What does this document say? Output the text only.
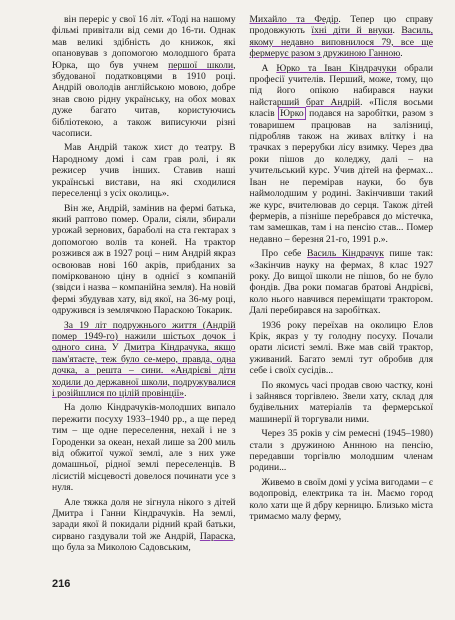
він переріс у свої 16 літ. «Тоді на нашому фільмі привітали від семи до 16-ти. Однак мав великі здібність до книжок, які опановував з допомогою молодшого брата Юрка, що був учнем першої школи, збудованої податковцями в 1910 році. Андрій оволодів англійською мовою, добре знав свою рідну українську, на обох мовах дуже багато читав, користуючись бібліотекою, а також виписуючи різні часописи.

Мав Андрій також хист до театру. В Народному домі і сам грав ролі, і як режисер учив інших. Ставив наші українські вистави, на які сходилися переселенці з усіх околиць».

Він же, Андрій, замінив на фермі батька, який раптово помер. Орали, сіяли, збирали урожай зернових, бараболі на ста гектарах з допомогою волів та коней. На трактор розжився аж в 1927 році – ним Андрій якраз освоював нові 160 акрів, прибданих за поміркованою ціну в однієї з компаній (звідси і назва – компанійна земля). На новій фермі збудував хату, від якої, на 36-му році, одружився із землячкою Параскою Токарик.

За 19 літ подружнього життя (Андрій помер 1949-го) нажили шістьох дочок і одного сина. У Дмитра Кіндрачука, якщо пам'ятаєте, теж було се-меро, правда, одна дочка, а решта – сини. «Андрієві діти ходили до державної школи, подружувалися і розійшлися по цілій провінції».

На долю Кіндрачуків-молодших випало пережити посуху 1933–1940 рр., а ще перед тим – ще одне переселення, нехай і не з Городенки за океан, нехай лише за 200 миль від обжитої чужої землі, але з них уже домашньої, рідної землі переселенців. В лісистій місцевості довелося починати усе з нуля.

Але тяжка доля не зігнула нікого з дітей Дмитра і Ганни Кіндрачуків. На землі, заради якої й покидали рідний край батьки, сирвано газдували той же Андрій, Параска, що була за Миколою Садовським,

Михайло та Федір. Тепер цю справу продовжують їхні діти й внуки. Василь, якому недавно виповнилося 79, все ще фермерує разом з дружиною Ганною.

А Юрко та Іван Кіндрачуки обрали професії учителів. Перший, може, тому, що під його опікою набирався науки найстарший брат Андрій. «Після восьми класів Юрко подався на заробітки, разом з товаришем працював на залізниці, підробляв також на живах влітку і на трачках з перерубки лісу взимку. Через два роки пішов до коледжу, далі – на учительський курс. Учив дітей на фермах... Іван не перемірав науки, бо був наймолодшим у родині. Закінчивши такий же курс, вчителював до серця. Також дітей фермерів, а пізніше перебрався до містечка, там замешкав, там і на пенсію став... Помер недавно – березня 21-го, 1991 р.».

Про себе Василь Кіндрачук пише так: «Закінчив науку на фермах, 8 клас 1927 року. До вищої школи не пішов, бо не було фондів. Два роки помагав братові Андрієві, коло нього навчився переміщати трактором. Далі перебирався на заробітках.

1936 року переїхав на околицю Елов Крік, якраз у ту голодну посуху. Почали орати лісисті землі. Вже мав свій трактор, уживаний. Багато землі тут обробив для себе і своїх сусідів...

По якомусь часі продав свою частку, коні і зайнявся торгівлею. Звели хату, склад для будівельних матеріалів та фермерської машинерії й торгували ними.

Через 35 років у сім ремесні (1945–1980) стали з дружиною Аннною на пенсію, передавши торгівлю молодшим членам родини...

Живемо в своїм домі у усіма вигодами – є водопровід, електрика та ін. Маємо город коло хати ще й дбру керницю. Близько міста тримаємо малу ферму,

216
